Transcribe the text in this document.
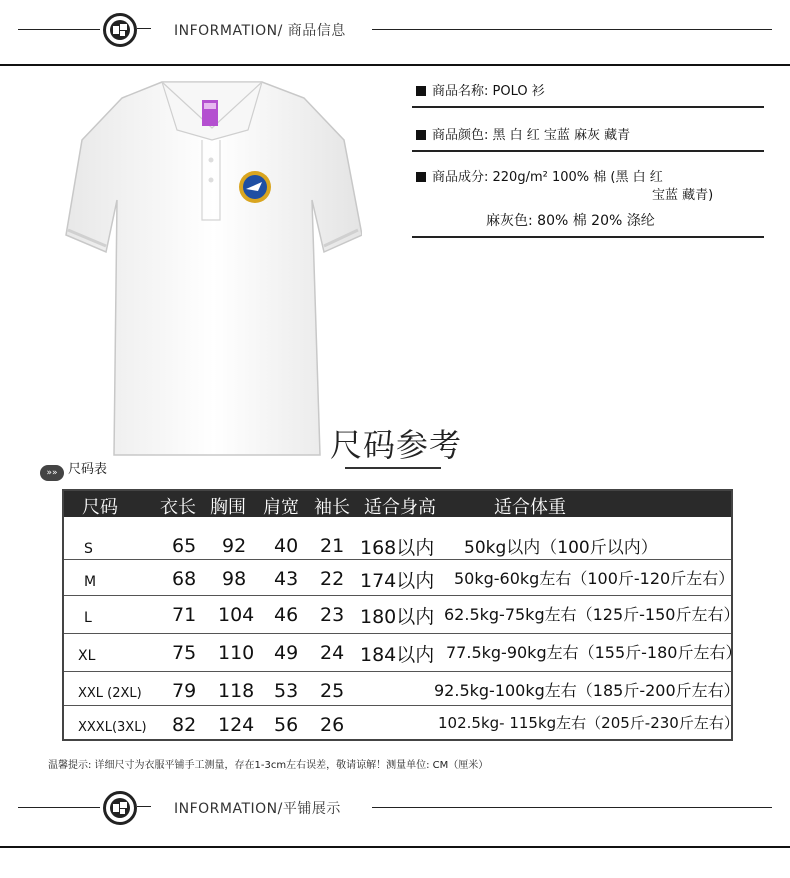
INFORMATION/ 商品信息
商品名称: POLO 衫
商品颜色: 黑 白 红 宝蓝 麻灰 藏青
商品成分: 220g/m² 100% 棉 (黑 白 红
宝蓝 藏青)
麻灰色: 80% 棉 20% 涤纶
尺码参考
»» 尺码表
尺码 衣长 胸围 肩宽 袖长 适合身高	适合体重
S	65 92 40 21 168以内 50kg以内（100斤以内）
M	68 98 43 22 174以内 50kg-60kg左右（100斤-120斤左右）
L	71 104 46 23 180以内 62.5kg-75kg左右（125斤-150斤左右）
XL	75 110 49 24 184以内 77.5kg-90kg左右（155斤-180斤左右）
XXL (2XL) 79 118 53 25	92.5kg-100kg左右（185斤-200斤左右）
XXXL(3XL) 82 124 56 26	102.5kg- 115kg左右（205斤-230斤左右）
温馨提示: 详细尺寸为衣服平铺手工测量，存在1-3cm左右误差，敬请谅解！测量单位: CM（厘米）
INFORMATION/平铺展示
